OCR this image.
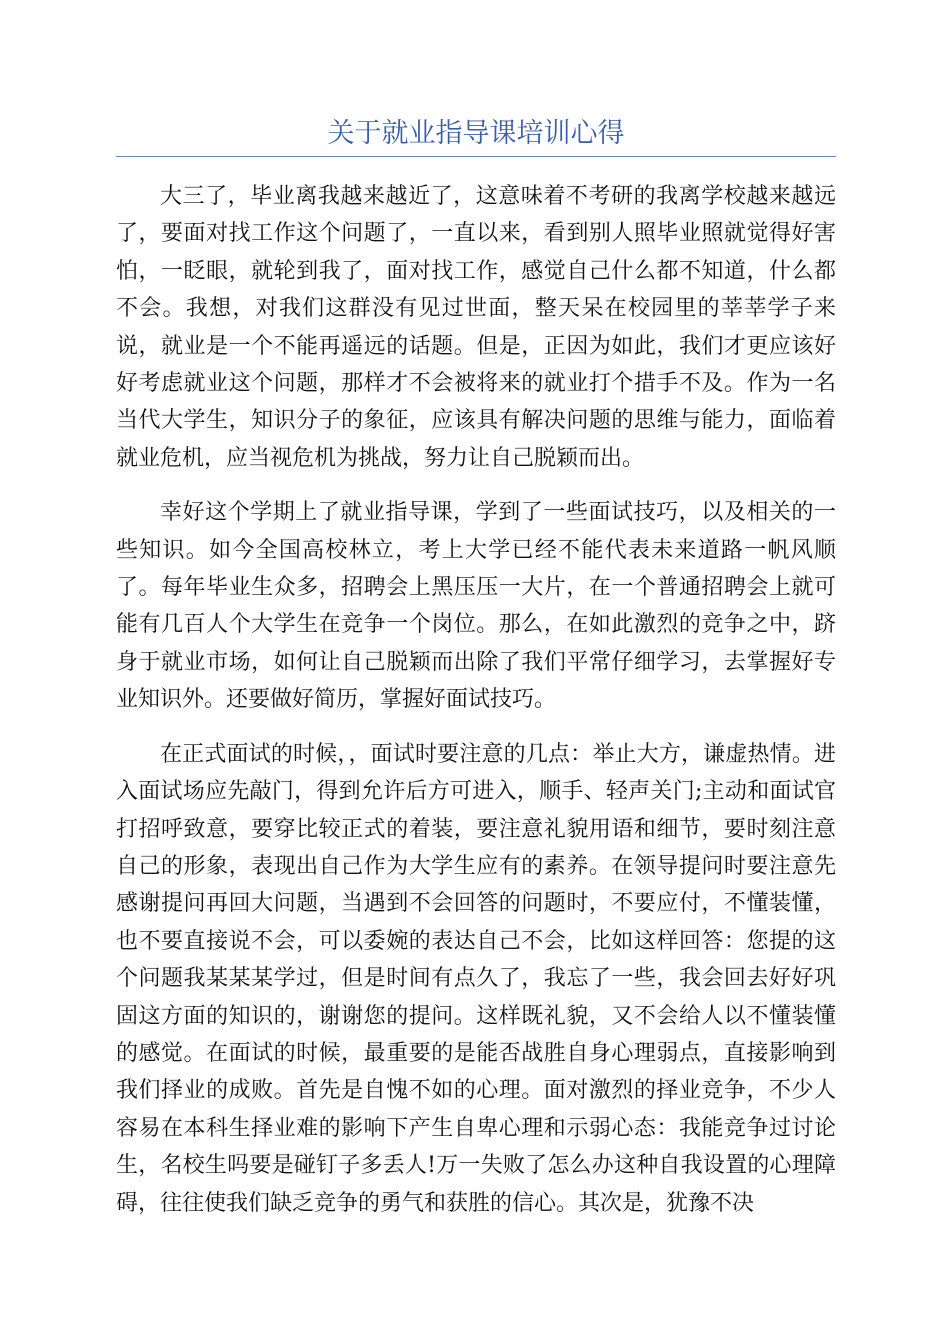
关于就业指导课培训心得

大三了，毕业离我越来越近了，这意味着不考研的我离学校越来越远了，要面对找工作这个问题了，一直以来，看到别人照毕业照就觉得好害怕，一眨眼，就轮到我了，面对找工作，感觉自己什么都不知道，什么都不会。我想，对我们这群没有见过世面，整天呆在校园里的莘莘学子来说，就业是一个不能再遥远的话题。但是，正因为如此，我们才更应该好好考虑就业这个问题，那样才不会被将来的就业打个措手不及。作为一名当代大学生，知识分子的象征，应该具有解决问题的思维与能力，面临着就业危机，应当视危机为挑战，努力让自己脱颖而出。

幸好这个学期上了就业指导课，学到了一些面试技巧，以及相关的一些知识。如今全国高校林立，考上大学已经不能代表未来道路一帆风顺了。每年毕业生众多，招聘会上黑压压一大片，在一个普通招聘会上就可能有几百人个大学生在竞争一个岗位。那么，在如此激烈的竞争之中，跻身于就业市场，如何让自己脱颖而出除了我们平常仔细学习，去掌握好专业知识外。还要做好简历，掌握好面试技巧。

在正式面试的时候，，面试时要注意的几点：举止大方，谦虚热情。进入面试场应先敲门，得到允许后方可进入，顺手、轻声关门;主动和面试官打招呼致意，要穿比较正式的着装，要注意礼貌用语和细节，要时刻注意自己的形象，表现出自己作为大学生应有的素养。在领导提问时要注意先感谢提问再回大问题，当遇到不会回答的问题时，不要应付，不懂装懂，也不要直接说不会，可以委婉的表达自己不会，比如这样回答：您提的这个问题我某某某学过，但是时间有点久了，我忘了一些，我会回去好好巩固这方面的知识的，谢谢您的提问。这样既礼貌，又不会给人以不懂装懂的感觉。在面试的时候，最重要的是能否战胜自身心理弱点，直接影响到我们择业的成败。首先是自愧不如的心理。面对激烈的择业竞争，不少人容易在本科生择业难的影响下产生自卑心理和示弱心态：我能竞争过讨论生，名校生吗要是碰钉子多丢人!万一失败了怎么办这种自我设置的心理障碍，往往使我们缺乏竞争的勇气和获胜的信心。其次是，犹豫不决
